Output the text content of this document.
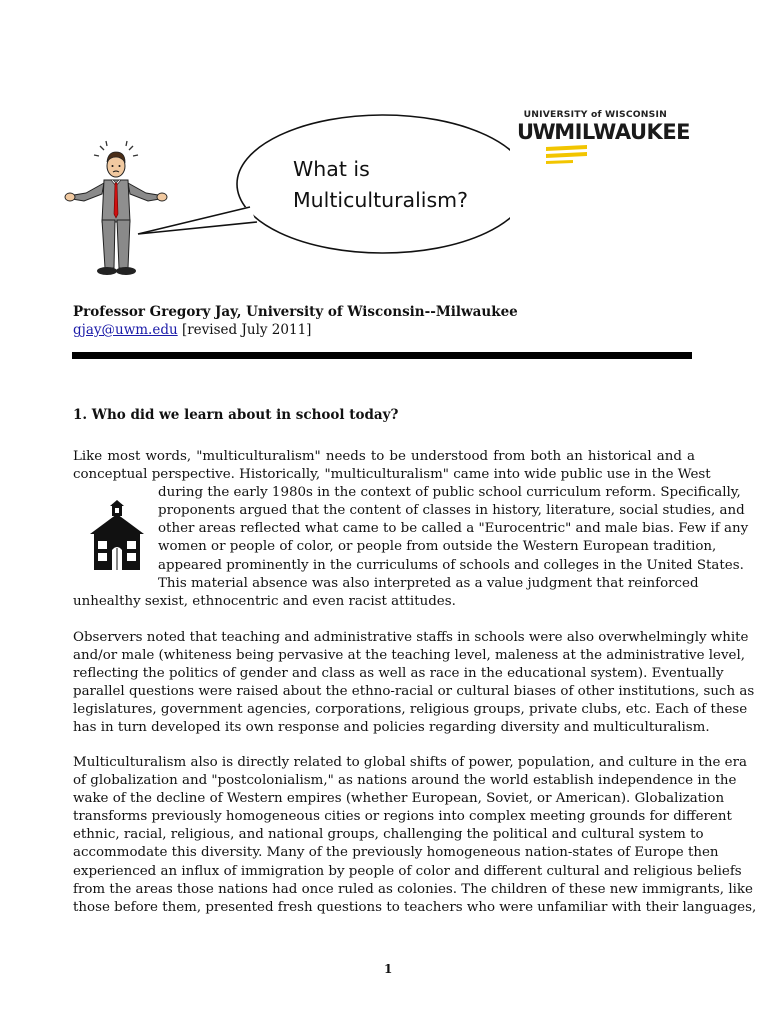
What is
Multiculturalism?
UNIVERSITY of WISCONSIN
UWMILWAUKEE
Professor Gregory Jay, University of Wisconsin--Milwaukee
gjay@uwm.edu [revised July 2011]
1. Who did we learn about in school today?

Like most words, "multiculturalism" needs to be understood from both an historical and a
conceptual perspective. Historically, "multiculturalism" came into wide public use in the West
during the early 1980s in the context of public school curriculum reform. Specifically,
proponents argued that the content of classes in history, literature, social studies, and
other areas reflected what came to be called a "Eurocentric" and male bias. Few if any
women or people of color, or people from outside the Western European tradition,
appeared prominently in the curriculums of schools and colleges in the United States.
This material absence was also interpreted as a value judgment that reinforced
unhealthy sexist, ethnocentric and even racist attitudes.

Observers noted that teaching and administrative staffs in schools were also overwhelmingly white
and/or male (whiteness being pervasive at the teaching level, maleness at the administrative level,
reflecting the politics of gender and class as well as race in the educational system). Eventually
parallel questions were raised about the ethno-racial or cultural biases of other institutions, such as
legislatures, government agencies, corporations, religious groups, private clubs, etc. Each of these
has in turn developed its own response and policies regarding diversity and multiculturalism.

Multiculturalism also is directly related to global shifts of power, population, and culture in the era
of globalization and "postcolonialism," as nations around the world establish independence in the
wake of the decline of Western empires (whether European, Soviet, or American). Globalization
transforms previously homogeneous cities or regions into complex meeting grounds for different
ethnic, racial, religious, and national groups, challenging the political and cultural system to
accommodate this diversity. Many of the previously homogeneous nation-states of Europe then
experienced an influx of immigration by people of color and different cultural and religious beliefs
from the areas those nations had once ruled as colonies. The children of these new immigrants, like
those before them, presented fresh questions to teachers who were unfamiliar with their languages,

1
